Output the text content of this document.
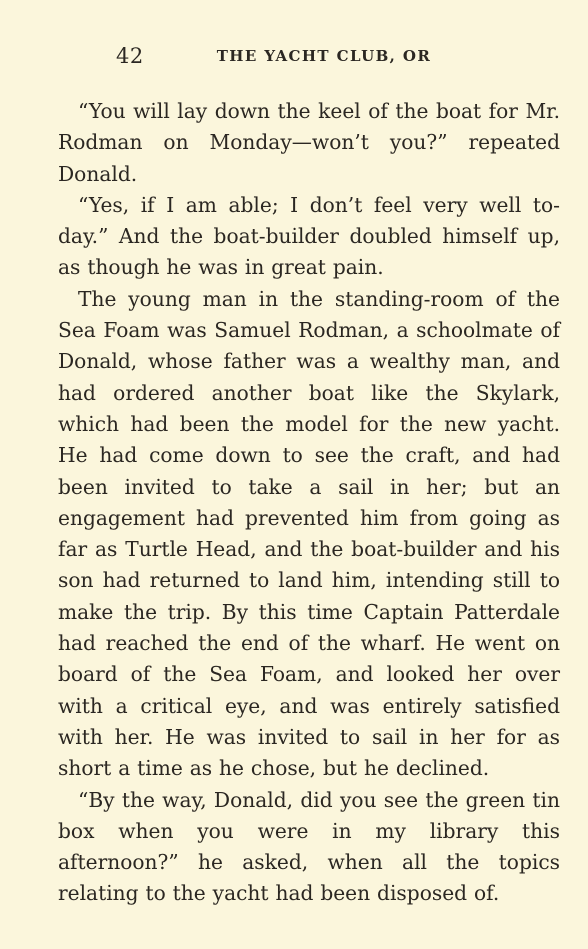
42	THE YACHT CLUB, OR

“You will lay down the keel of the boat for Mr. Rodman on Monday—won’t you?” repeated Donald.

“Yes, if I am able; I don’t feel very well to-day.” And the boat-builder doubled himself up, as though he was in great pain.

The young man in the standing-room of the Sea Foam was Samuel Rodman, a schoolmate of Donald, whose father was a wealthy man, and had ordered another boat like the Skylark, which had been the model for the new yacht. He had come down to see the craft, and had been invited to take a sail in her; but an engagement had prevented him from going as far as Turtle Head, and the boat-builder and his son had returned to land him, intending still to make the trip. By this time Captain Patterdale had reached the end of the wharf. He went on board of the Sea Foam, and looked her over with a critical eye, and was entirely satisfied with her. He was invited to sail in her for as short a time as he chose, but he declined.

“By the way, Donald, did you see the green tin box when you were in my library this afternoon?” he asked, when all the topics relating to the yacht had been disposed of.
